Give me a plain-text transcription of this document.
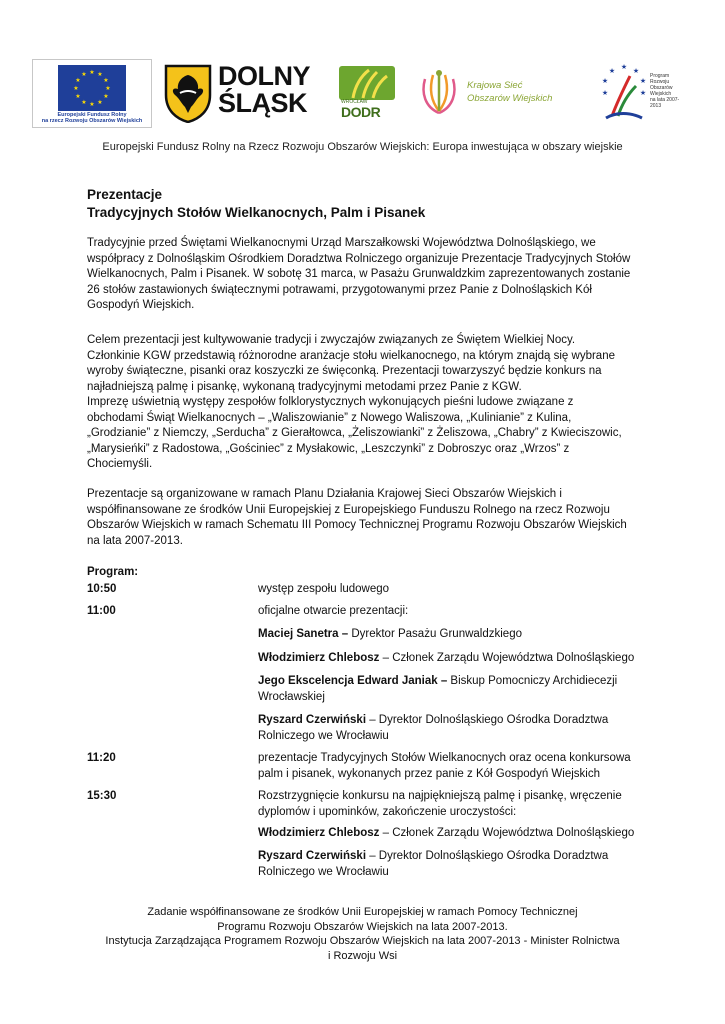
★ ★
★
★
★
★
★
★
★
★
★
★
Europejski Fundusz Rolny
na rzecz Rozwoju Obszarów Wiejskich
DOLNY
ŚLĄSK	WROCŁAW
DODR
Krajowa Sieć
Obszarów Wiejskich
★ ★
★
★
★
★
★
Program
Rozwoju
Obszarów
Wiejskich
na lata 2007-2013
Europejski Fundusz Rolny na Rzecz Rozwoju Obszarów Wiejskich: Europa inwestująca w obszary wiejskie
Prezentacje
Tradycyjnych Stołów Wielkanocnych, Palm i Pisanek
Tradycyjnie przed Świętami Wielkanocnymi Urząd Marszałkowski Województwa Dolnośląskiego, we
współpracy z Dolnośląskim Ośrodkiem Doradztwa Rolniczego organizuje Prezentacje Tradycyjnych Stołów
Wielkanocnych, Palm i Pisanek. W sobotę 31 marca, w Pasażu Grunwaldzkim zaprezentowanych zostanie
26 stołów zastawionych świątecznymi potrawami, przygotowanymi przez Panie z Dolnośląskich Kół
Gospodyń Wiejskich.
Celem prezentacji jest kultywowanie tradycji i zwyczajów związanych ze Świętem Wielkiej Nocy.
Członkinie KGW przedstawią różnorodne aranżacje stołu wielkanocnego, na którym znajdą się wybrane
wyroby świąteczne, pisanki oraz koszyczki ze święconką. Prezentacji towarzyszyć będzie konkurs na
najładniejszą palmę i pisankę, wykonaną tradycyjnymi metodami przez Panie z KGW.
Imprezę uświetnią występy zespołów folklorystycznych wykonujących pieśni ludowe związane z
obchodami Świąt Wielkanocnych – „Waliszowianie” z Nowego Waliszowa, „Kulinianie” z Kulina,
„Grodzianie” z Niemczy, „Serducha” z Gierałtowca, „Żeliszowianki” z Żeliszowa, „Chabry” z Kwieciszowic,
„Marysieńki” z Radostowa, „Gościniec” z Mysłakowic, „Leszczynki” z Dobroszyc oraz „Wrzos” z
Chociemyśli.
Prezentacje są organizowane w ramach Planu Działania Krajowej Sieci Obszarów Wiejskich i
współfinansowane ze środków Unii Europejskiej z Europejskiego Funduszu Rolnego na rzecz Rozwoju
Obszarów Wiejskich w ramach Schematu III Pomocy Technicznej Programu Rozwoju Obszarów Wiejskich
na lata 2007-2013.
Program:
10:50	występ zespołu ludowego
11:00	oficjalne otwarcie prezentacji:
Maciej Sanetra – Dyrektor Pasażu Grunwaldzkiego
Włodzimierz Chlebosz – Członek Zarządu Województwa Dolnośląskiego
Jego Ekscelencja Edward Janiak – Biskup Pomocniczy Archidiecezji
Wrocławskiej
Ryszard Czerwiński – Dyrektor Dolnośląskiego Ośrodka Doradztwa
Rolniczego we Wrocławiu
11:20	prezentacje Tradycyjnych Stołów Wielkanocnych oraz ocena konkursowa
palm i pisanek, wykonanych przez panie z Kół Gospodyń Wiejskich
15:30	Rozstrzygnięcie konkursu na najpiękniejszą palmę i pisankę, wręczenie
dyplomów i upominków, zakończenie uroczystości:
Włodzimierz Chlebosz – Członek Zarządu Województwa Dolnośląskiego
Ryszard Czerwiński – Dyrektor Dolnośląskiego Ośrodka Doradztwa
Rolniczego we Wrocławiu
Zadanie współfinansowane ze środków Unii Europejskiej w ramach Pomocy Technicznej
Programu Rozwoju Obszarów Wiejskich na lata 2007-2013.
Instytucja Zarządzająca Programem Rozwoju Obszarów Wiejskich na lata 2007-2013 - Minister Rolnictwa
i Rozwoju Wsi
